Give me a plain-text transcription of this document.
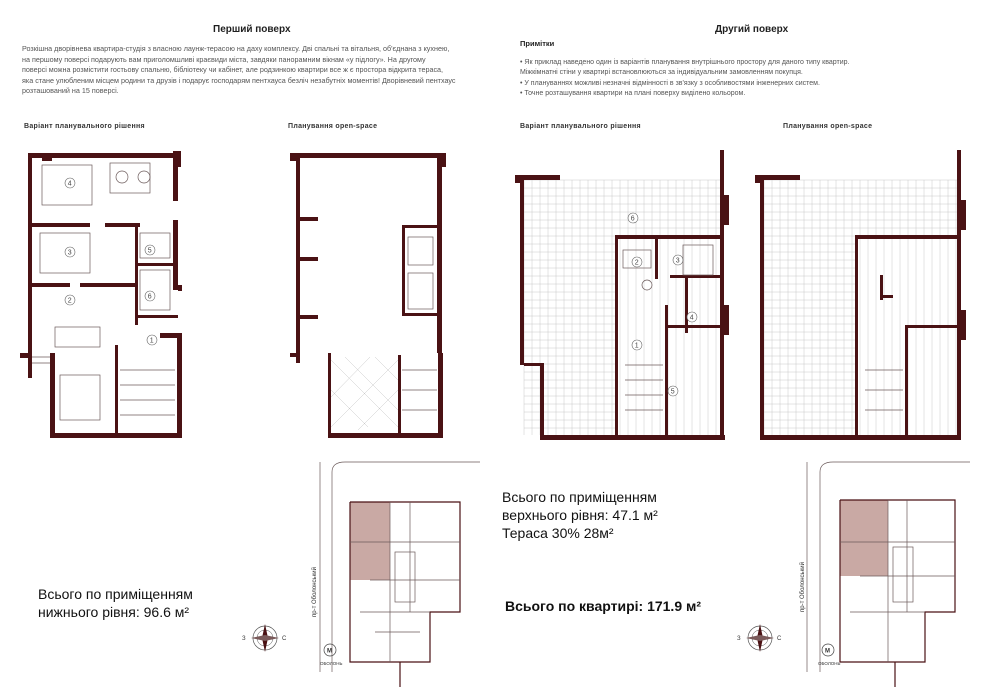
Перший поверх
Розкішна дворівнева квартира-студія з власною лаунж-терасою на даху комплексу. Дві спальні та вітальня, об'єднана з кухнею,
на першому поверсі подарують вам приголомшливі краєвиди міста, завдяки панорамним вікнам «у підлогу». На другому
поверсі можна розмістити гостьову спальню, бібліотеку чи кабінет, але родзинкою квартири все ж є простора відкрита тераса,
яка стане улюбленим місцем родини та друзів і подарує господарям пентхауса безліч незабутніх моментів! Дворівневий пентхаус
розташований на 15 поверсі.
Варіант планувального рішення	Планування open-space
Другий поверх
Примітки
• Як приклад наведено один із варіантів планування внутрішнього простору для даного типу квартир.
Міжкімнатні стіни у квартирі встановлюються за індивідуальним замовленням покупця.
• У плануваннях можливі незначні відмінності в зв'язку з особливостями інженерних систем.
• Точне розташування квартири на плані поверху виділено кольором.
Варіант планувального рішення	Планування open-space
4
3
2
5
6
1
6
2	3
4
1
5
пр-т Оболонський
М
ОБОЛОНЬ
З	С
пр-т Оболонський
М
ОБОЛОНЬ
З	С
Всього по приміщенням
нижнього рівня: 96.6 м²
Всього по приміщенням
верхнього рівня: 47.1 м²
Тераса 30% 28м²
Всього по квартирі: 171.9 м²
